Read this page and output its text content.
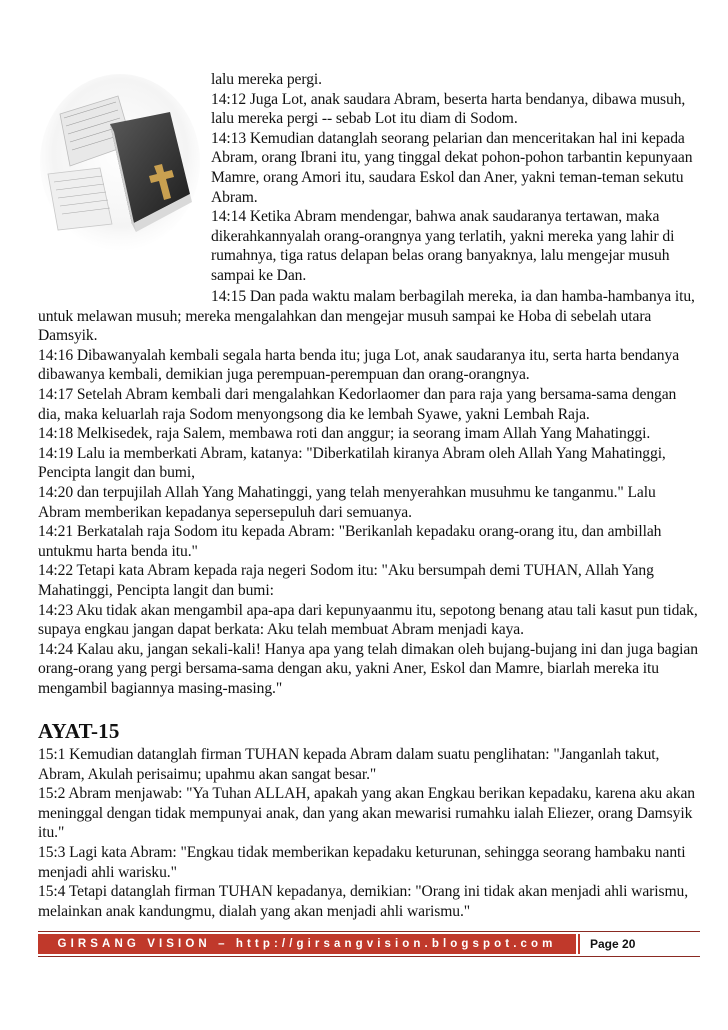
lalu mereka pergi.

14:12 Juga Lot, anak saudara Abram, beserta harta bendanya, dibawa musuh, lalu mereka pergi -- sebab Lot itu diam di Sodom.

14:13 Kemudian datanglah seorang pelarian dan menceritakan hal ini kepada Abram, orang Ibrani itu, yang tinggal dekat pohon-pohon tarbantin kepunyaan Mamre, orang Amori itu, saudara Eskol dan Aner, yakni teman-teman sekutu Abram.

14:14 Ketika Abram mendengar, bahwa anak saudaranya tertawan, maka dikerahkannyalah orang-orangnya yang terlatih, yakni mereka yang lahir di rumahnya, tiga ratus delapan belas orang banyaknya, lalu mengejar musuh sampai ke Dan.

14:15 Dan pada waktu malam berbagilah mereka, ia dan hamba-hambanya itu, untuk melawan musuh; mereka mengalahkan dan mengejar musuh sampai ke Hoba di sebelah utara Damsyik.

14:16 Dibawanyalah kembali segala harta benda itu; juga Lot, anak saudaranya itu, serta harta bendanya dibawanya kembali, demikian juga perempuan-perempuan dan orang-orangnya.

14:17 Setelah Abram kembali dari mengalahkan Kedorlaomer dan para raja yang bersama-sama dengan dia, maka keluarlah raja Sodom menyongsong dia ke lembah Syawe, yakni Lembah Raja.

14:18 Melkisedek, raja Salem, membawa roti dan anggur; ia seorang imam Allah Yang Mahatinggi.

14:19 Lalu ia memberkati Abram, katanya: "Diberkatilah kiranya Abram oleh Allah Yang Mahatinggi, Pencipta langit dan bumi,

14:20 dan terpujilah Allah Yang Mahatinggi, yang telah menyerahkan musuhmu ke tanganmu." Lalu Abram memberikan kepadanya sepersepuluh dari semuanya.

14:21 Berkatalah raja Sodom itu kepada Abram: "Berikanlah kepadaku orang-orang itu, dan ambillah untukmu harta benda itu."

14:22 Tetapi kata Abram kepada raja negeri Sodom itu: "Aku bersumpah demi TUHAN, Allah Yang Mahatinggi, Pencipta langit dan bumi:

14:23 Aku tidak akan mengambil apa-apa dari kepunyaanmu itu, sepotong benang atau tali kasut pun tidak, supaya engkau jangan dapat berkata: Aku telah membuat Abram menjadi kaya.

14:24 Kalau aku, jangan sekali-kali! Hanya apa yang telah dimakan oleh bujang-bujang ini dan juga bagian orang-orang yang pergi bersama-sama dengan aku, yakni Aner, Eskol dan Mamre, biarlah mereka itu mengambil bagiannya masing-masing."

AYAT-15

15:1 Kemudian datanglah firman TUHAN kepada Abram dalam suatu penglihatan: "Janganlah takut, Abram, Akulah perisaimu; upahmu akan sangat besar."

15:2 Abram menjawab: "Ya Tuhan ALLAH, apakah yang akan Engkau berikan kepadaku, karena aku akan meninggal dengan tidak mempunyai anak, dan yang akan mewarisi rumahku ialah Eliezer, orang Damsyik itu."

15:3 Lagi kata Abram: "Engkau tidak memberikan kepadaku keturunan, sehingga seorang hambaku nanti menjadi ahli warisku."

15:4 Tetapi datanglah firman TUHAN kepadanya, demikian: "Orang ini tidak akan menjadi ahli warismu, melainkan anak kandungmu, dialah yang akan menjadi ahli warismu."

GIRSANG VISION – http://girsangvision.blogspot.com	Page 20
